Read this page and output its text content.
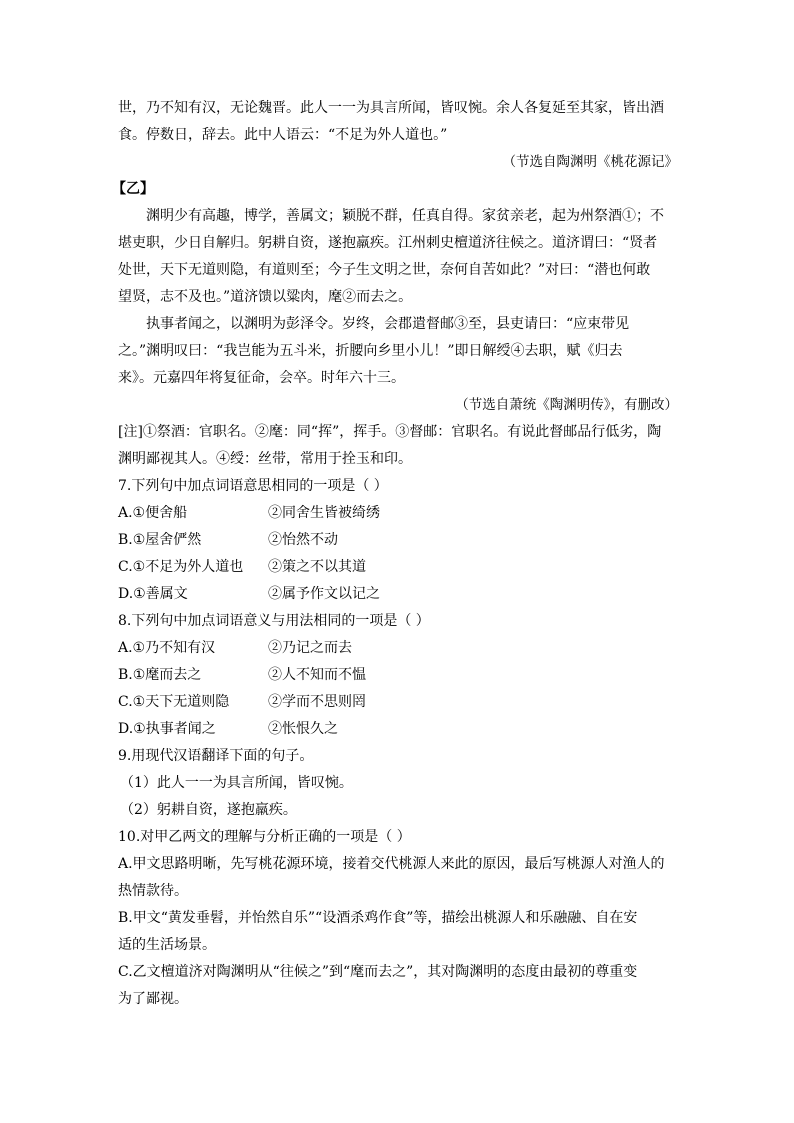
世，乃不知有汉，无论魏晋。此人一一为具言所闻，皆叹惋。余人各复延至其家，皆出酒
食。停数日，辞去。此中人语云：“不足为外人道也。”
（节选自陶渊明《桃花源记》
【乙】
渊明少有高趣，博学，善属文；颖脱不群，任真自得。家贫亲老，起为州祭酒①；不
堪吏职，少日自解归。躬耕自资，遂抱羸疾。江州刺史檀道济往候之。道济谓曰：“贤者
处世，天下无道则隐，有道则至；今子生文明之世，奈何自苦如此？”对曰：“潜也何敢
望贤，志不及也。”道济馈以粱肉，麾②而去之。
执事者闻之，以渊明为彭泽令。岁终，会郡遣督邮③至，县吏请曰：“应束带见
之。”渊明叹曰：“我岂能为五斗米，折腰向乡里小儿！”即日解绶④去职，赋《归去
来》。元嘉四年将复征命，会卒。时年六十三。
（节选自萧统《陶渊明传》，有删改）
[注]①祭酒：官职名。②麾：同“挥”，挥手。③督邮：官职名。有说此督邮品行低劣，陶
渊明鄙视其人。④绶：丝带，常用于拴玉和印。
7.下列句中加点词语意思相同的一项是（ ）
A.①便舍船	②同舍生皆被绮绣
B.①屋舍俨然	②怡然不动
C.①不足为外人道也	②策之不以其道
D.①善属文	②属予作文以记之
8.下列句中加点词语意义与用法相同的一项是（ ）
A.①乃不知有汉	②乃记之而去
B.①麾而去之	②人不知而不愠
C.①天下无道则隐	②学而不思则罔
D.①执事者闻之	②怅恨久之
9.用现代汉语翻译下面的句子。
（1）此人一一为具言所闻，皆叹惋。
（2）躬耕自资，遂抱羸疾。
10.对甲乙两文的理解与分析正确的一项是（ ）
A.甲文思路明晰，先写桃花源环境，接着交代桃源人来此的原因，最后写桃源人对渔人的
热情款待。
B.甲文“黄发垂髫，并怡然自乐”“设酒杀鸡作食”等，描绘出桃源人和乐融融、自在安
适的生活场景。
C.乙文檀道济对陶渊明从“往候之”到“麾而去之”，其对陶渊明的态度由最初的尊重变
为了鄙视。
